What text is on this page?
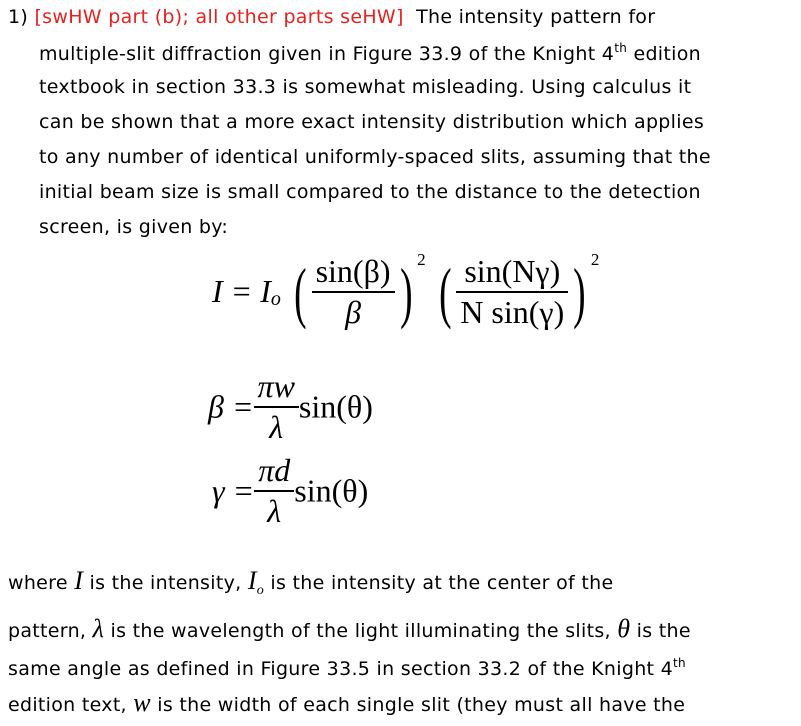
1) [swHW part (b); all other parts seHW] The intensity pattern for
multiple-slit diffraction given in Figure 33.9 of the Knight 4th edition
textbook in section 33.3 is somewhat misleading. Using calculus it
can be shown that a more exact intensity distribution which applies
to any number of identical uniformly-spaced slits, assuming that the
initial beam size is small compared to the distance to the detection
screen, is given by:
$I = I_o$ ( $\frac{\sin(\beta)}{\beta}$ ) $^2$ ( $\frac{\sin(N\gamma)}{\text{N sin(γ)}}$ ) $^2$
$\beta = \frac{\pi w}{\lambda} \sin(\theta)$
$\gamma = \frac{\pi d}{\lambda} \sin(\theta)$
where I is the intensity, $I_o$ is the intensity at the center of the
pattern, λ is the wavelength of the light illuminating the slits, θ is the
same angle as defined in Figure 33.5 in section 33.2 of the Knight 4th
edition text, w is the width of each single slit (they must all have the
